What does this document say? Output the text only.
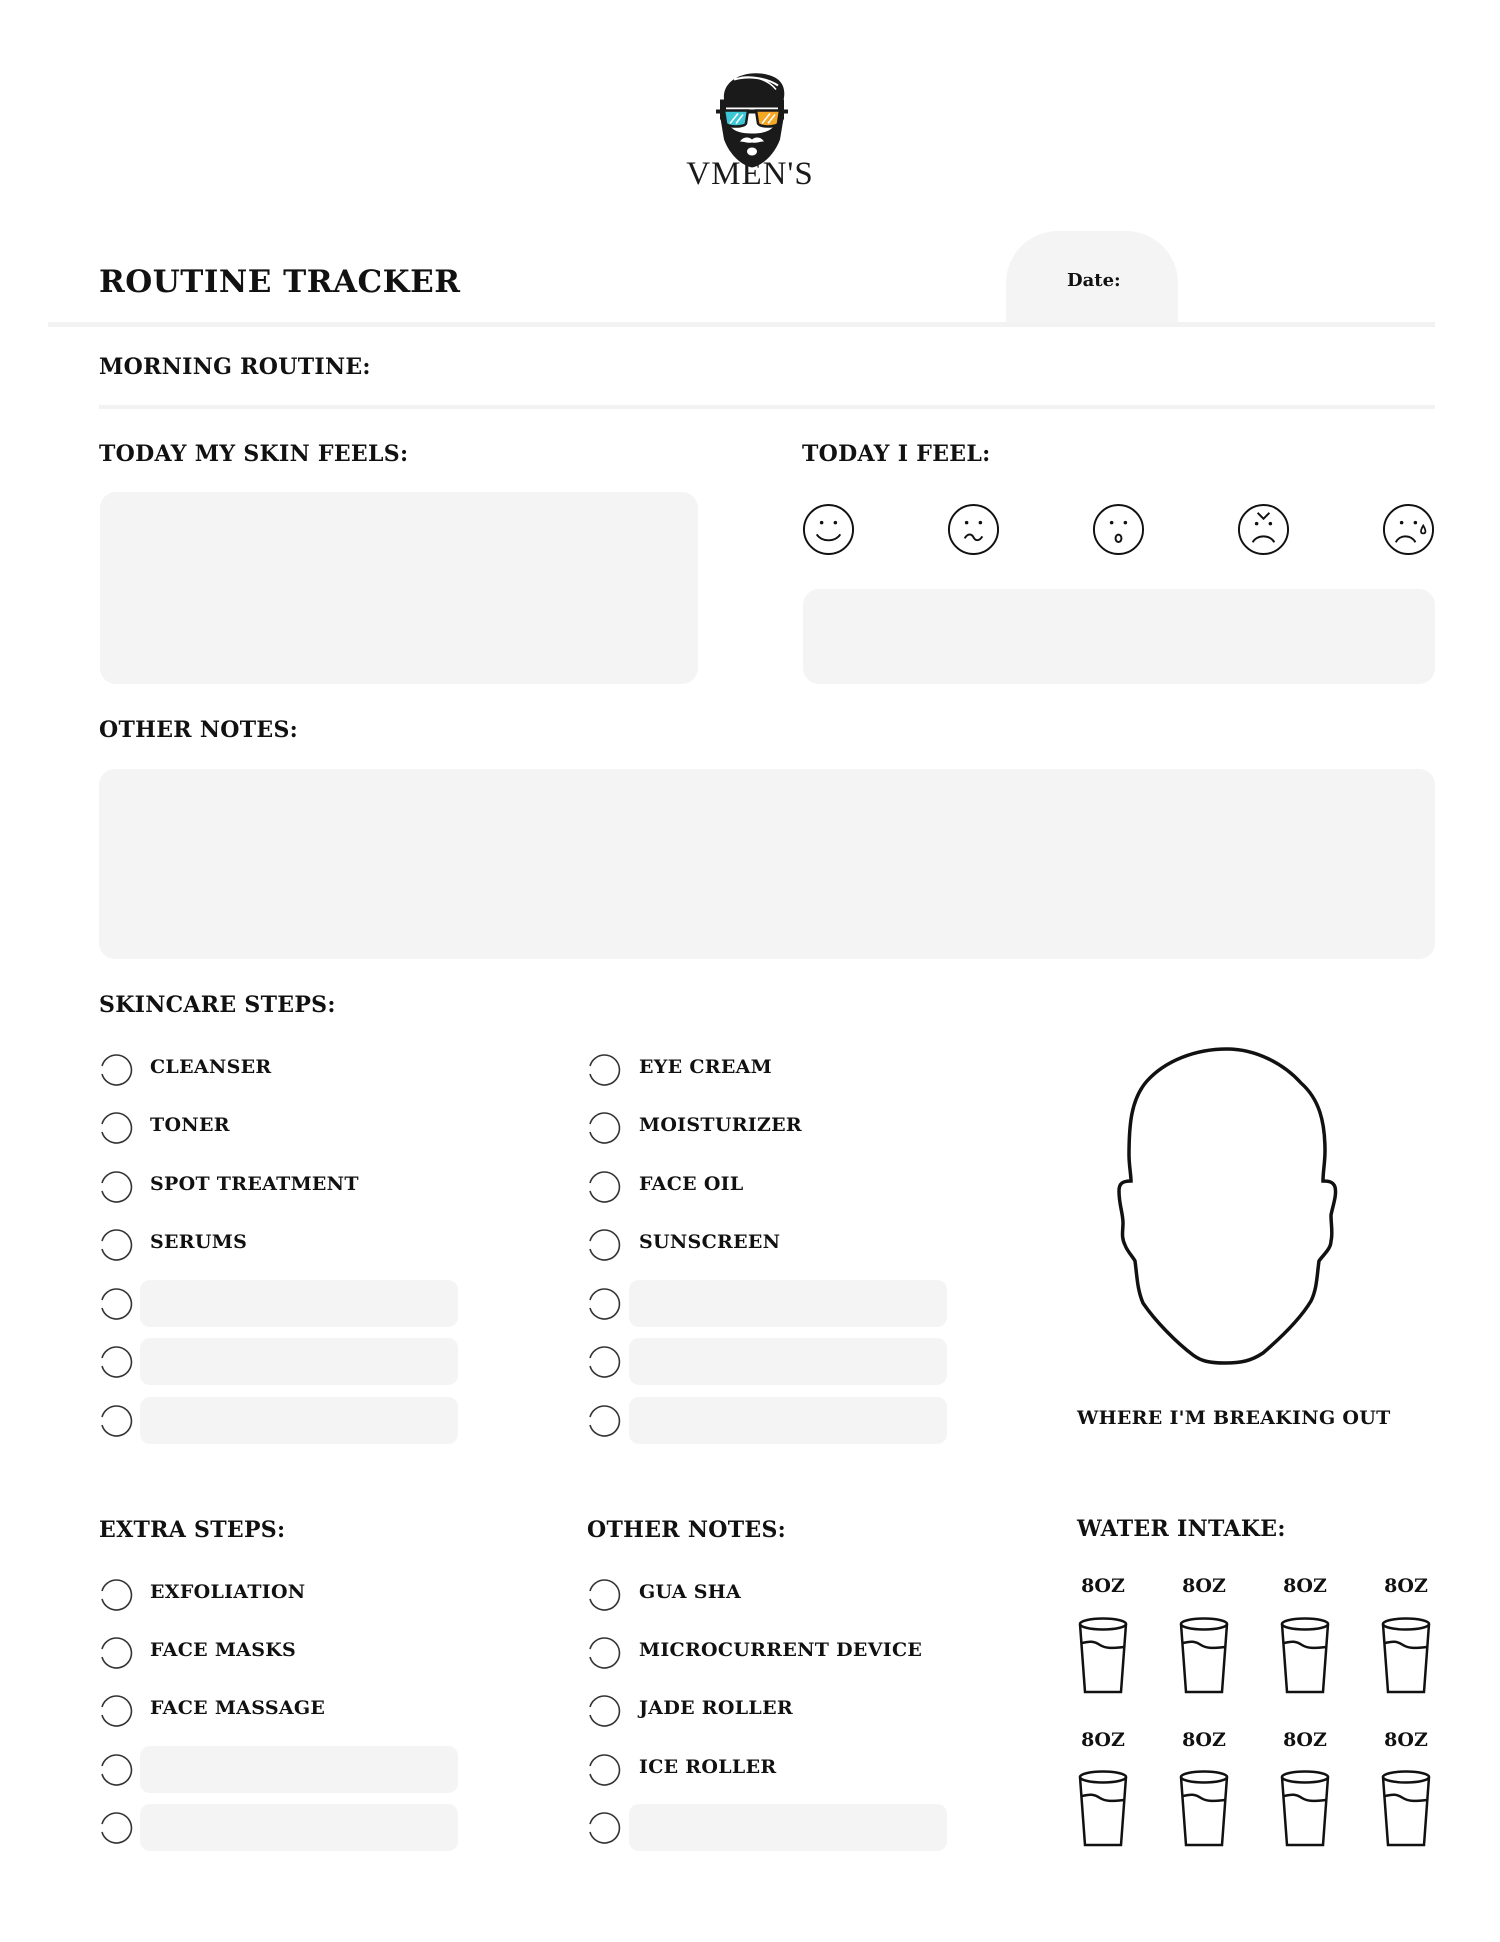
VMEN'S
ROUTINE TRACKER	Date:
MORNING ROUTINE:
TODAY MY SKIN FEELS:	TODAY I FEEL:
OTHER NOTES:
SKINCARE STEPS:
CLEANSER
TONER
SPOT TREATMENT
SERUMS
EYE CREAM
MOISTURIZER
FACE OIL
SUNSCREEN
WHERE I'M BREAKING OUT
EXTRA STEPS:
EXFOLIATION
FACE MASKS
FACE MASSAGE
OTHER NOTES:
GUA SHA
MICROCURRENT DEVICE
JADE ROLLER
ICE ROLLER
WATER INTAKE:
8OZ	8OZ	8OZ	8OZ
8OZ	8OZ	8OZ	8OZ
